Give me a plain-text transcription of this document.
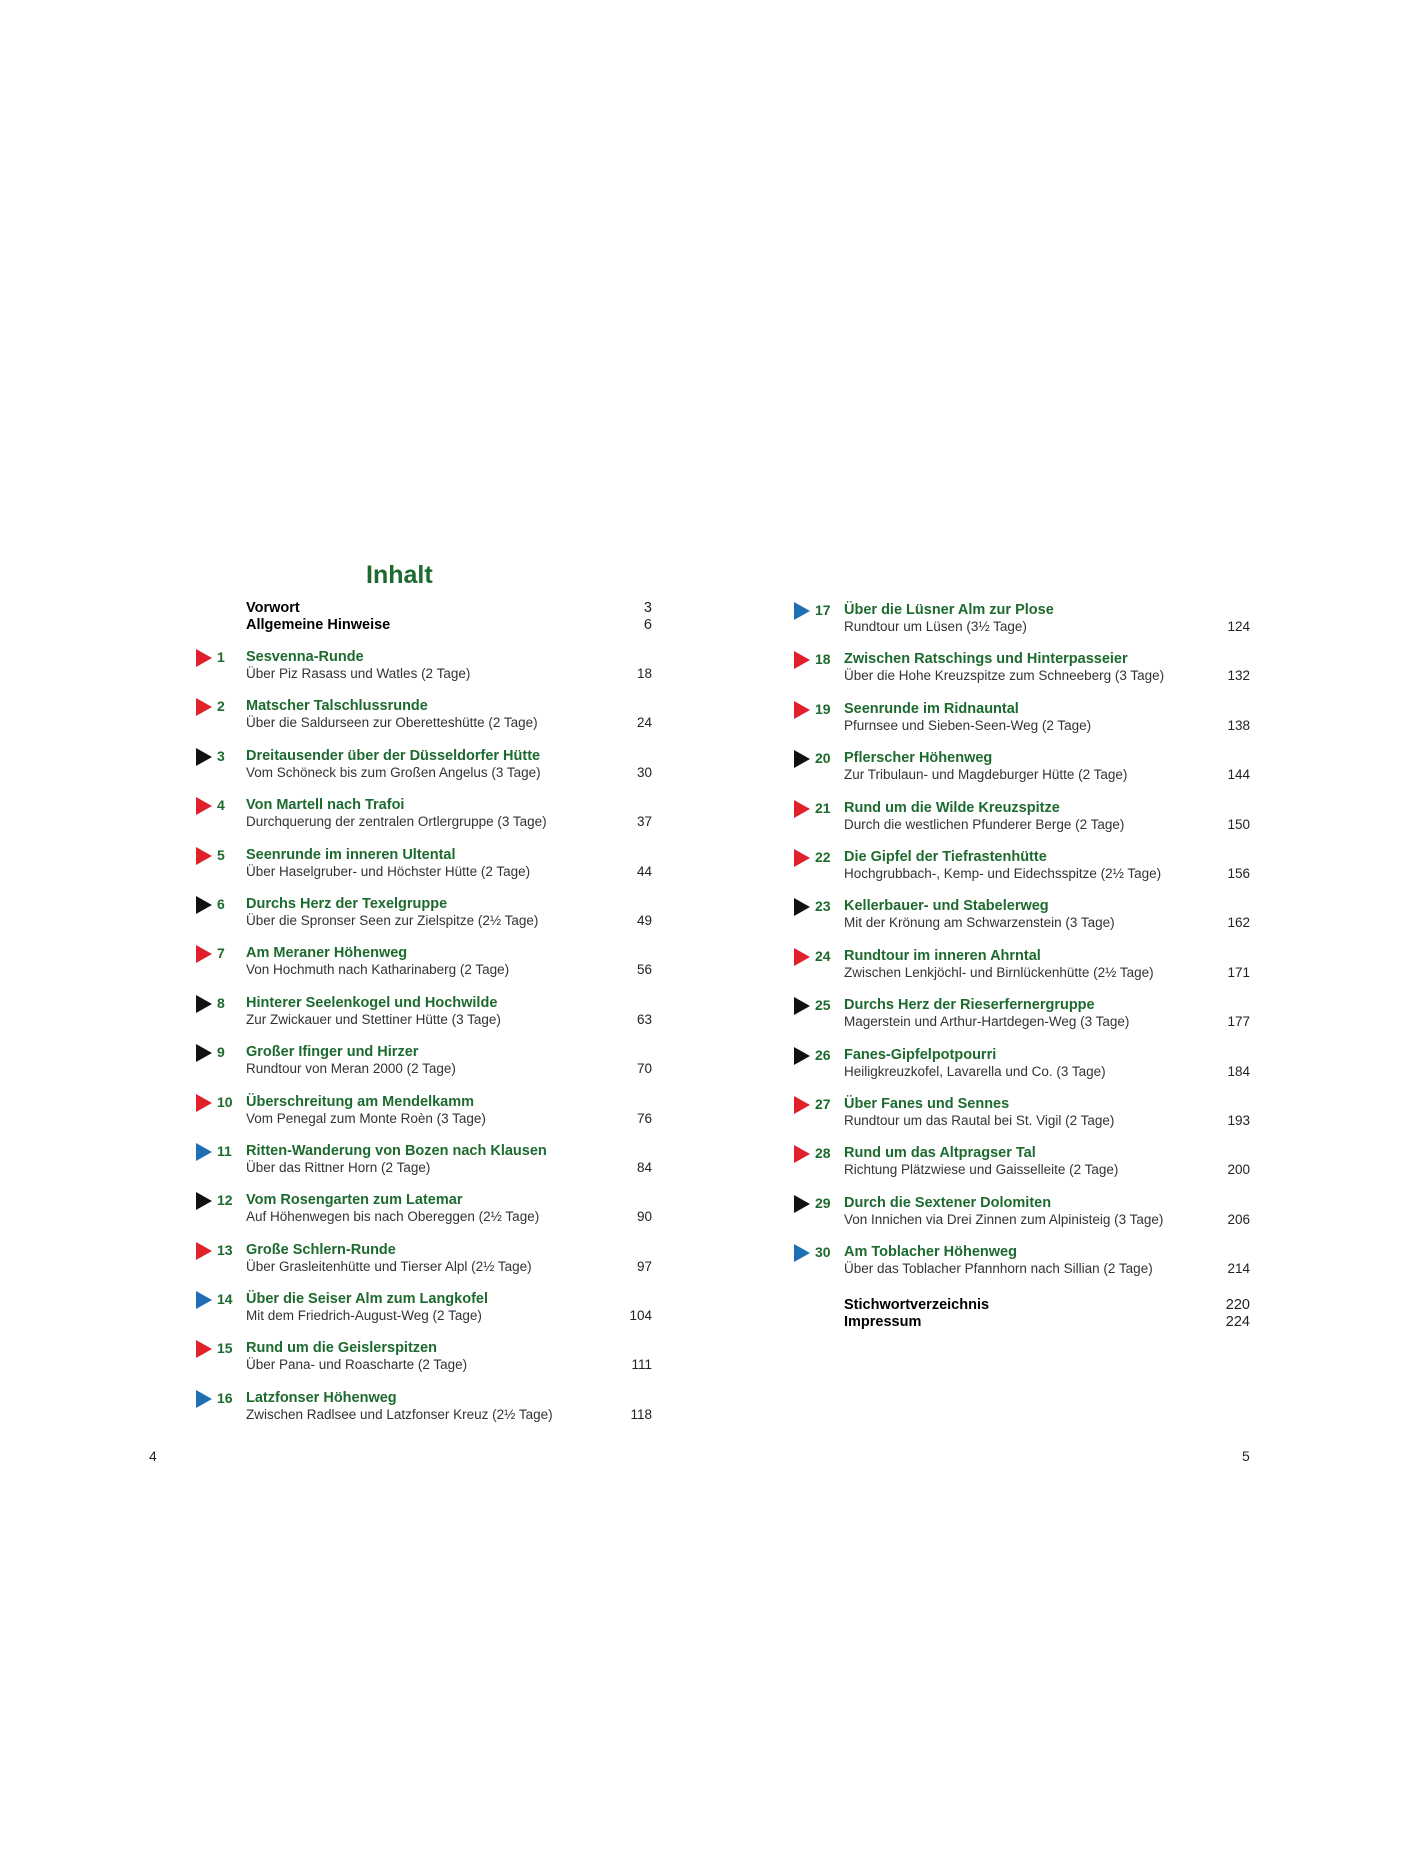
Inhalt
Vorwort	3
Allgemeine Hinweise	6
1	Sesvenna-Runde
Über Piz Rasass und Watles (2 Tage)	18
2	Matscher Talschlussrunde
Über die Saldurseen zur Oberetteshütte (2 Tage)	24
3	Dreitausender über der Düsseldorfer Hütte
Vom Schöneck bis zum Großen Angelus (3 Tage)	30
4	Von Martell nach Trafoi
Durchquerung der zentralen Ortlergruppe (3 Tage)	37
5	Seenrunde im inneren Ultental
Über Haselgruber- und Höchster Hütte (2 Tage)	44
6	Durchs Herz der Texelgruppe
Über die Spronser Seen zur Zielspitze (2½ Tage)	49
7	Am Meraner Höhenweg
Von Hochmuth nach Katharinaberg (2 Tage)	56
8	Hinterer Seelenkogel und Hochwilde
Zur Zwickauer und Stettiner Hütte (3 Tage)	63
9	Großer Ifinger und Hirzer
Rundtour von Meran 2000 (2 Tage)	70
10 Überschreitung am Mendelkamm
Vom Penegal zum Monte Roèn (3 Tage)	76
11 Ritten-Wanderung von Bozen nach Klausen
Über das Rittner Horn (2 Tage)	84
12 Vom Rosengarten zum Latemar
Auf Höhenwegen bis nach Obereggen (2½ Tage)	90
13 Große Schlern-Runde
Über Grasleitenhütte und Tierser Alpl (2½ Tage)	97
14 Über die Seiser Alm zum Langkofel
Mit dem Friedrich-August-Weg (2 Tage)	104
15 Rund um die Geislerspitzen
Über Pana- und Roascharte (2 Tage)	111
16 Latzfonser Höhenweg
Zwischen Radlsee und Latzfonser Kreuz (2½ Tage)	118
17 Über die Lüsner Alm zur Plose
Rundtour um Lüsen (3½ Tage)	124
18 Zwischen Ratschings und Hinterpasseier
Über die Hohe Kreuzspitze zum Schneeberg (3 Tage)	132
19 Seenrunde im Ridnauntal
Pfurnsee und Sieben-Seen-Weg (2 Tage)	138
20 Pflerscher Höhenweg
Zur Tribulaun- und Magdeburger Hütte (2 Tage)	144
21 Rund um die Wilde Kreuzspitze
Durch die westlichen Pfunderer Berge (2 Tage)	150
22 Die Gipfel der Tiefrastenhütte
Hochgrubbach-, Kemp- und Eidechsspitze (2½ Tage)	156
23 Kellerbauer- und Stabelerweg
Mit der Krönung am Schwarzenstein (3 Tage)	162
24 Rundtour im inneren Ahrntal
Zwischen Lenkjöchl- und Birnlückenhütte (2½ Tage)	171
25 Durchs Herz der Rieserfernergruppe
Magerstein und Arthur-Hartdegen-Weg (3 Tage)	177
26 Fanes-Gipfelpotpourri
Heiligkreuzkofel, Lavarella und Co. (3 Tage)	184
27 Über Fanes und Sennes
Rundtour um das Rautal bei St. Vigil (2 Tage)	193
28 Rund um das Altpragser Tal
Richtung Plätzwiese und Gaisselleite (2 Tage)	200
29 Durch die Sextener Dolomiten
Von Innichen via Drei Zinnen zum Alpinisteig (3 Tage)	206
30 Am Toblacher Höhenweg
Über das Toblacher Pfannhorn nach Sillian (2 Tage)	214
Stichwortverzeichnis	220
Impressum	224
4	5
